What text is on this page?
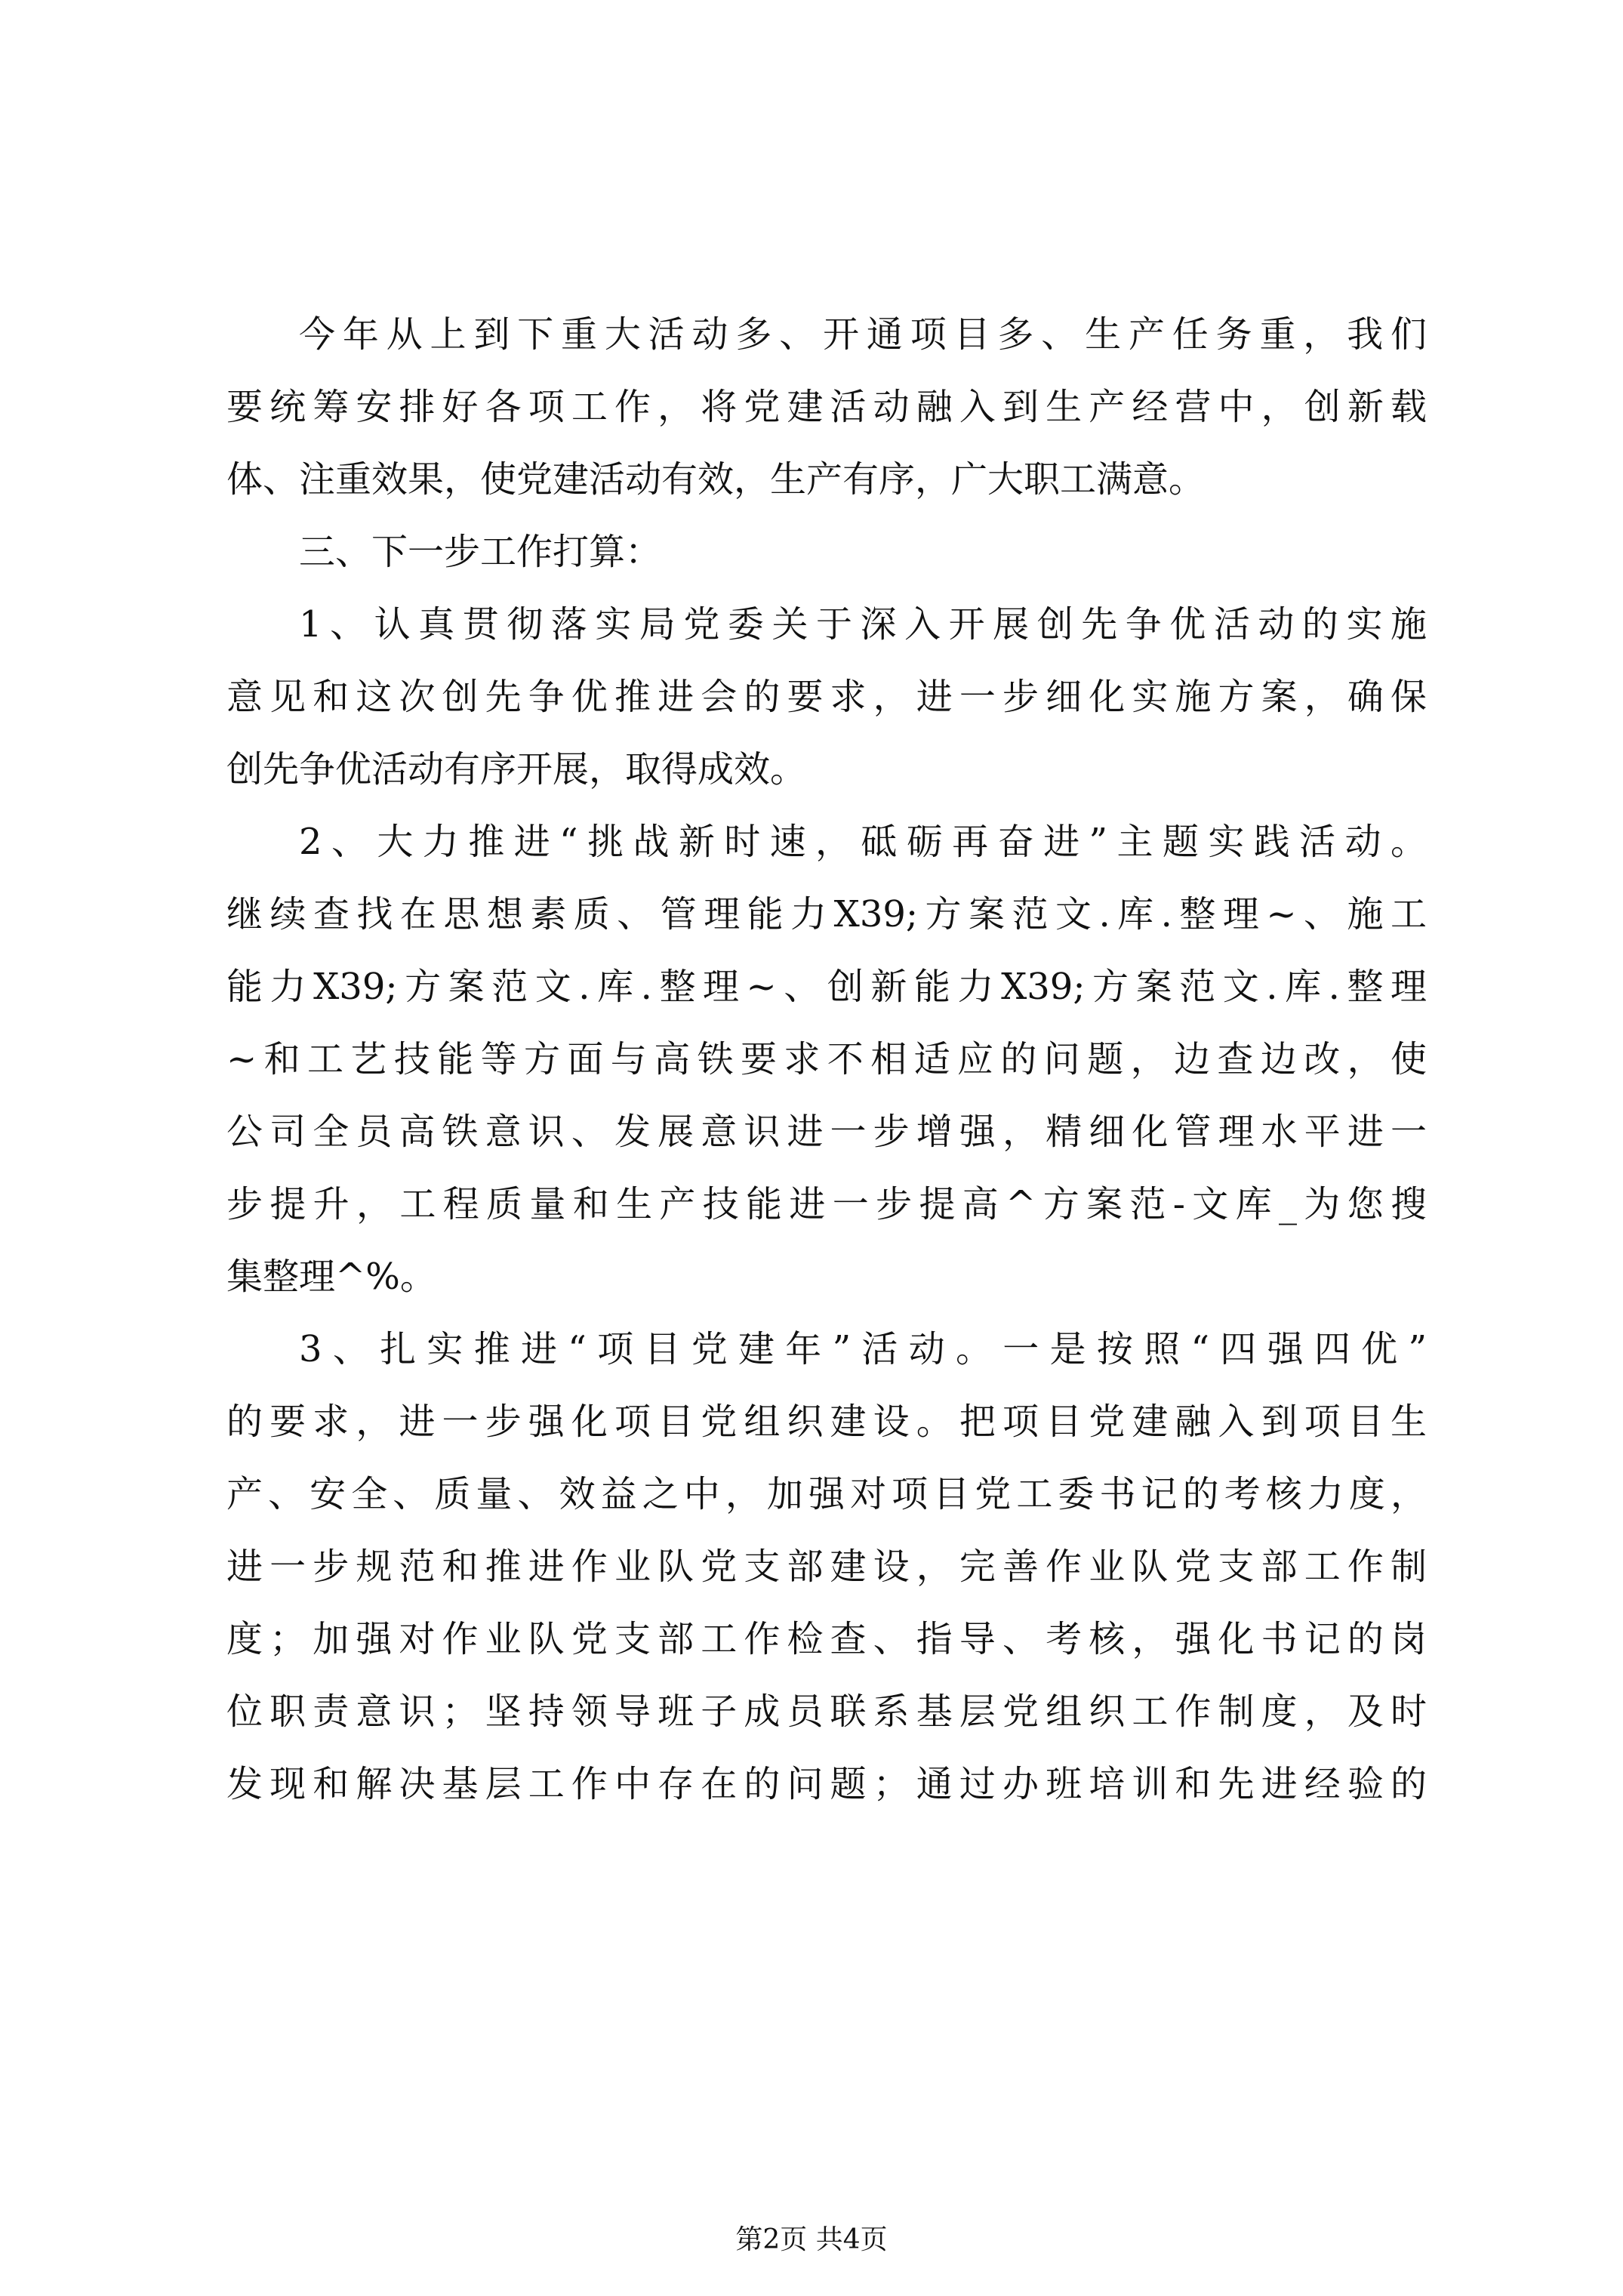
今年从上到下重大活动多、开通项目多、生产任务重，我们
要统筹安排好各项工作，将党建活动融入到生产经营中，创新载
体、注重效果，使党建活动有效，生产有序，广大职工满意。
三、下一步工作打算：
1、认真贯彻落实局党委关于深入开展创先争优活动的实施
意见和这次创先争优推进会的要求，进一步细化实施方案，确保
创先争优活动有序开展，取得成效。
2、大力推进“挑战新时速，砥砺再奋进”主题实践活动。
继续查找在思想素质、管理能力X39;方案范文.库.整理~、施工
能力X39;方案范文.库.整理~、创新能力X39;方案范文.库.整理
~和工艺技能等方面与高铁要求不相适应的问题，边查边改，使
公司全员高铁意识、发展意识进一步增强，精细化管理水平进一
步提升，工程质量和生产技能进一步提高^方案范-文库_为您搜
集整理^%。
3、扎实推进“项目党建年”活动。一是按照“四强四优”
的要求，进一步强化项目党组织建设。把项目党建融入到项目生
产、安全、质量、效益之中，加强对项目党工委书记的考核力度，
进一步规范和推进作业队党支部建设，完善作业队党支部工作制
度；加强对作业队党支部工作检查、指导、考核，强化书记的岗
位职责意识；坚持领导班子成员联系基层党组织工作制度，及时
发现和解决基层工作中存在的问题；通过办班培训和先进经验的
第2页 共4页
